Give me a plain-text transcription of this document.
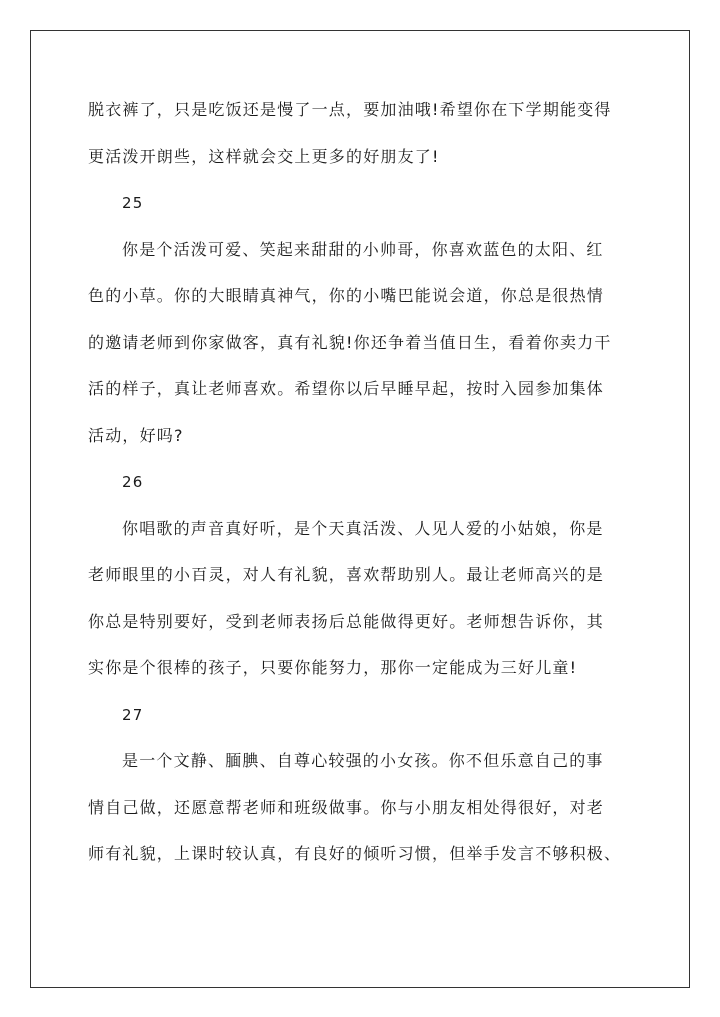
脱衣裤了，只是吃饭还是慢了一点，要加油哦!希望你在下学期能变得
更活泼开朗些，这样就会交上更多的好朋友了!
25
你是个活泼可爱、笑起来甜甜的小帅哥，你喜欢蓝色的太阳、红
色的小草。你的大眼睛真神气，你的小嘴巴能说会道，你总是很热情
的邀请老师到你家做客，真有礼貌!你还争着当值日生，看着你卖力干
活的样子，真让老师喜欢。希望你以后早睡早起，按时入园参加集体
活动，好吗?
26
你唱歌的声音真好听，是个天真活泼、人见人爱的小姑娘，你是
老师眼里的小百灵，对人有礼貌，喜欢帮助别人。最让老师高兴的是
你总是特别要好，受到老师表扬后总能做得更好。老师想告诉你，其
实你是个很棒的孩子，只要你能努力，那你一定能成为三好儿童!
27
是一个文静、腼腆、自尊心较强的小女孩。你不但乐意自己的事
情自己做，还愿意帮老师和班级做事。你与小朋友相处得很好，对老
师有礼貌，上课时较认真，有良好的倾听习惯，但举手发言不够积极、
